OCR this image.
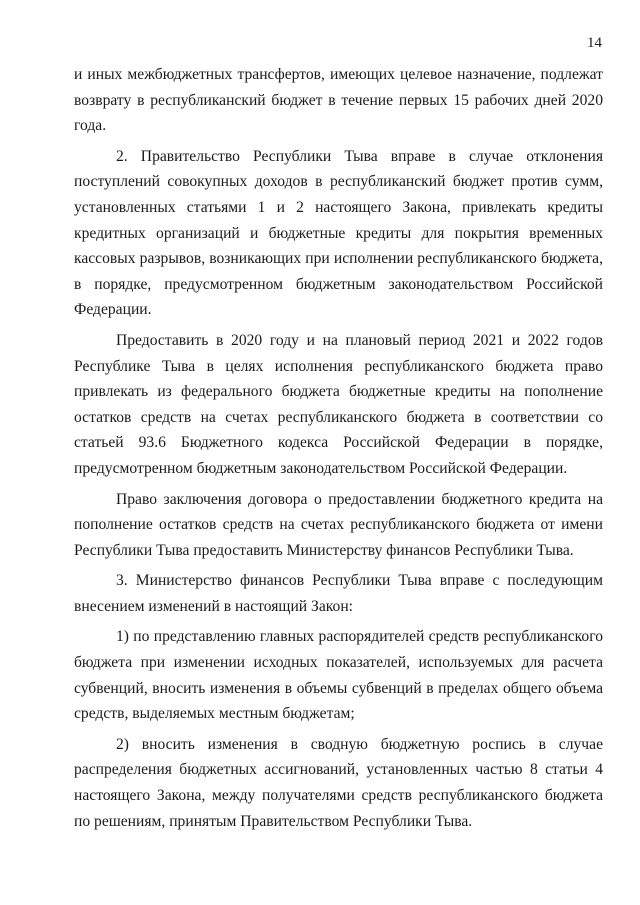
14

и иных межбюджетных трансфертов, имеющих целевое назначение, подлежат возврату в республиканский бюджет в течение первых 15 рабочих дней 2020 года.

2. Правительство Республики Тыва вправе в случае отклонения поступлений совокупных доходов в республиканский бюджет против сумм, установленных статьями 1 и 2 настоящего Закона, привлекать кредиты кредитных организаций и бюджетные кредиты для покрытия временных кассовых разрывов, возникающих при исполнении республиканского бюджета, в порядке, предусмотренном бюджетным законодательством Российской Федерации.

Предоставить в 2020 году и на плановый период 2021 и 2022 годов Республике Тыва в целях исполнения республиканского бюджета право привлекать из федерального бюджета бюджетные кредиты на пополнение остатков средств на счетах республиканского бюджета в соответствии со статьей 93.6 Бюджетного кодекса Российской Федерации в порядке, предусмотренном бюджетным законодательством Российской Федерации.

Право заключения договора о предоставлении бюджетного кредита на пополнение остатков средств на счетах республиканского бюджета от имени Республики Тыва предоставить Министерству финансов Республики Тыва.

3. Министерство финансов Республики Тыва вправе с последующим внесением изменений в настоящий Закон:

1) по представлению главных распорядителей средств республиканского бюджета при изменении исходных показателей, используемых для расчета субвенций, вносить изменения в объемы субвенций в пределах общего объема средств, выделяемых местным бюджетам;

2) вносить изменения в сводную бюджетную роспись в случае распределения бюджетных ассигнований, установленных частью 8 статьи 4 настоящего Закона, между получателями средств республиканского бюджета по решениям, принятым Правительством Республики Тыва.
